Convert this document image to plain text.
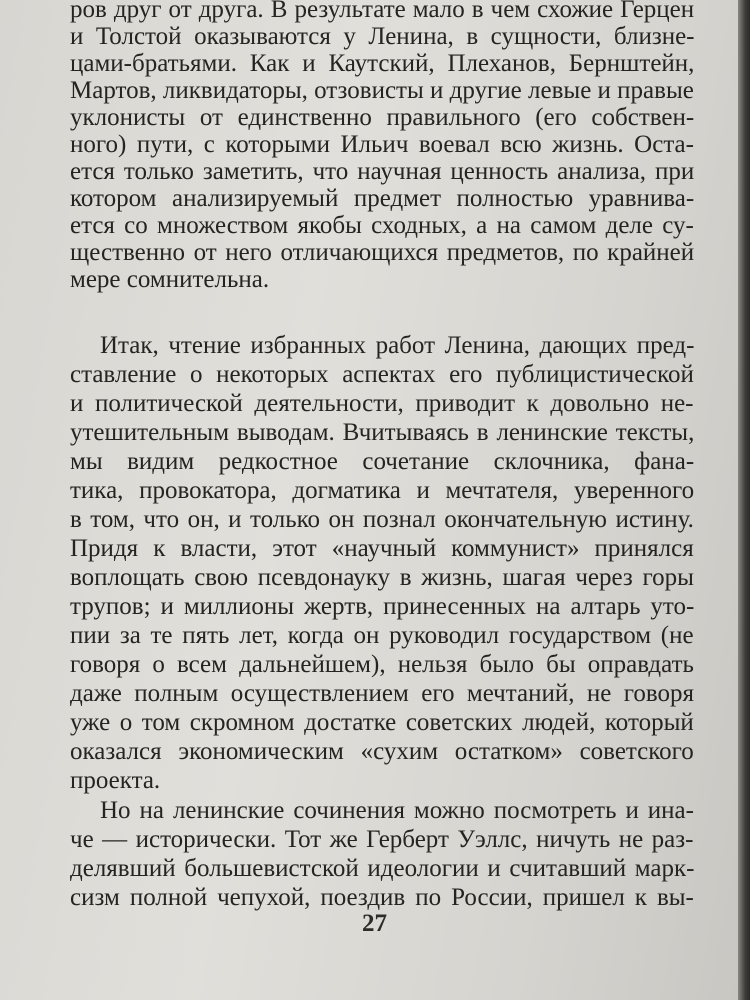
ров друг от друга. В результате мало в чем схожие Герцен
и Толстой оказываются у Ленина, в сущности, близне-
цами-братьями. Как и Каутский, Плеханов, Бернштейн,
Мартов, ликвидаторы, отзовисты и другие левые и правые
уклонисты от единственно правильного (его собствен-
ного) пути, с которыми Ильич воевал всю жизнь. Оста-
ется только заметить, что научная ценность анализа, при
котором анализируемый предмет полностью уравнива-
ется со множеством якобы сходных, а на самом деле су-
щественно от него отличающихся предметов, по крайней
мере сомнительна.
Итак, чтение избранных работ Ленина, дающих пред-
ставление о некоторых аспектах его публицистической
и политической деятельности, приводит к довольно не-
утешительным выводам. Вчитываясь в ленинские тексты,
мы видим редкостное сочетание склочника, фана-
тика, провокатора, догматика и мечтателя, уверенного
в том, что он, и только он познал окончательную истину.
Придя к власти, этот «научный коммунист» принялся
воплощать свою псевдонауку в жизнь, шагая через горы
трупов; и миллионы жертв, принесенных на алтарь уто-
пии за те пять лет, когда он руководил государством (не
говоря о всем дальнейшем), нельзя было бы оправдать
даже полным осуществлением его мечтаний, не говоря
уже о том скромном достатке советских людей, который
оказался экономическим «сухим остатком» советского
проекта.
Но на ленинские сочинения можно посмотреть и ина-
че — исторически. Тот же Герберт Уэллс, ничуть не раз-
делявший большевистской идеологии и считавший марк-
сизм полной чепухой, поездив по России, пришел к вы-
27
